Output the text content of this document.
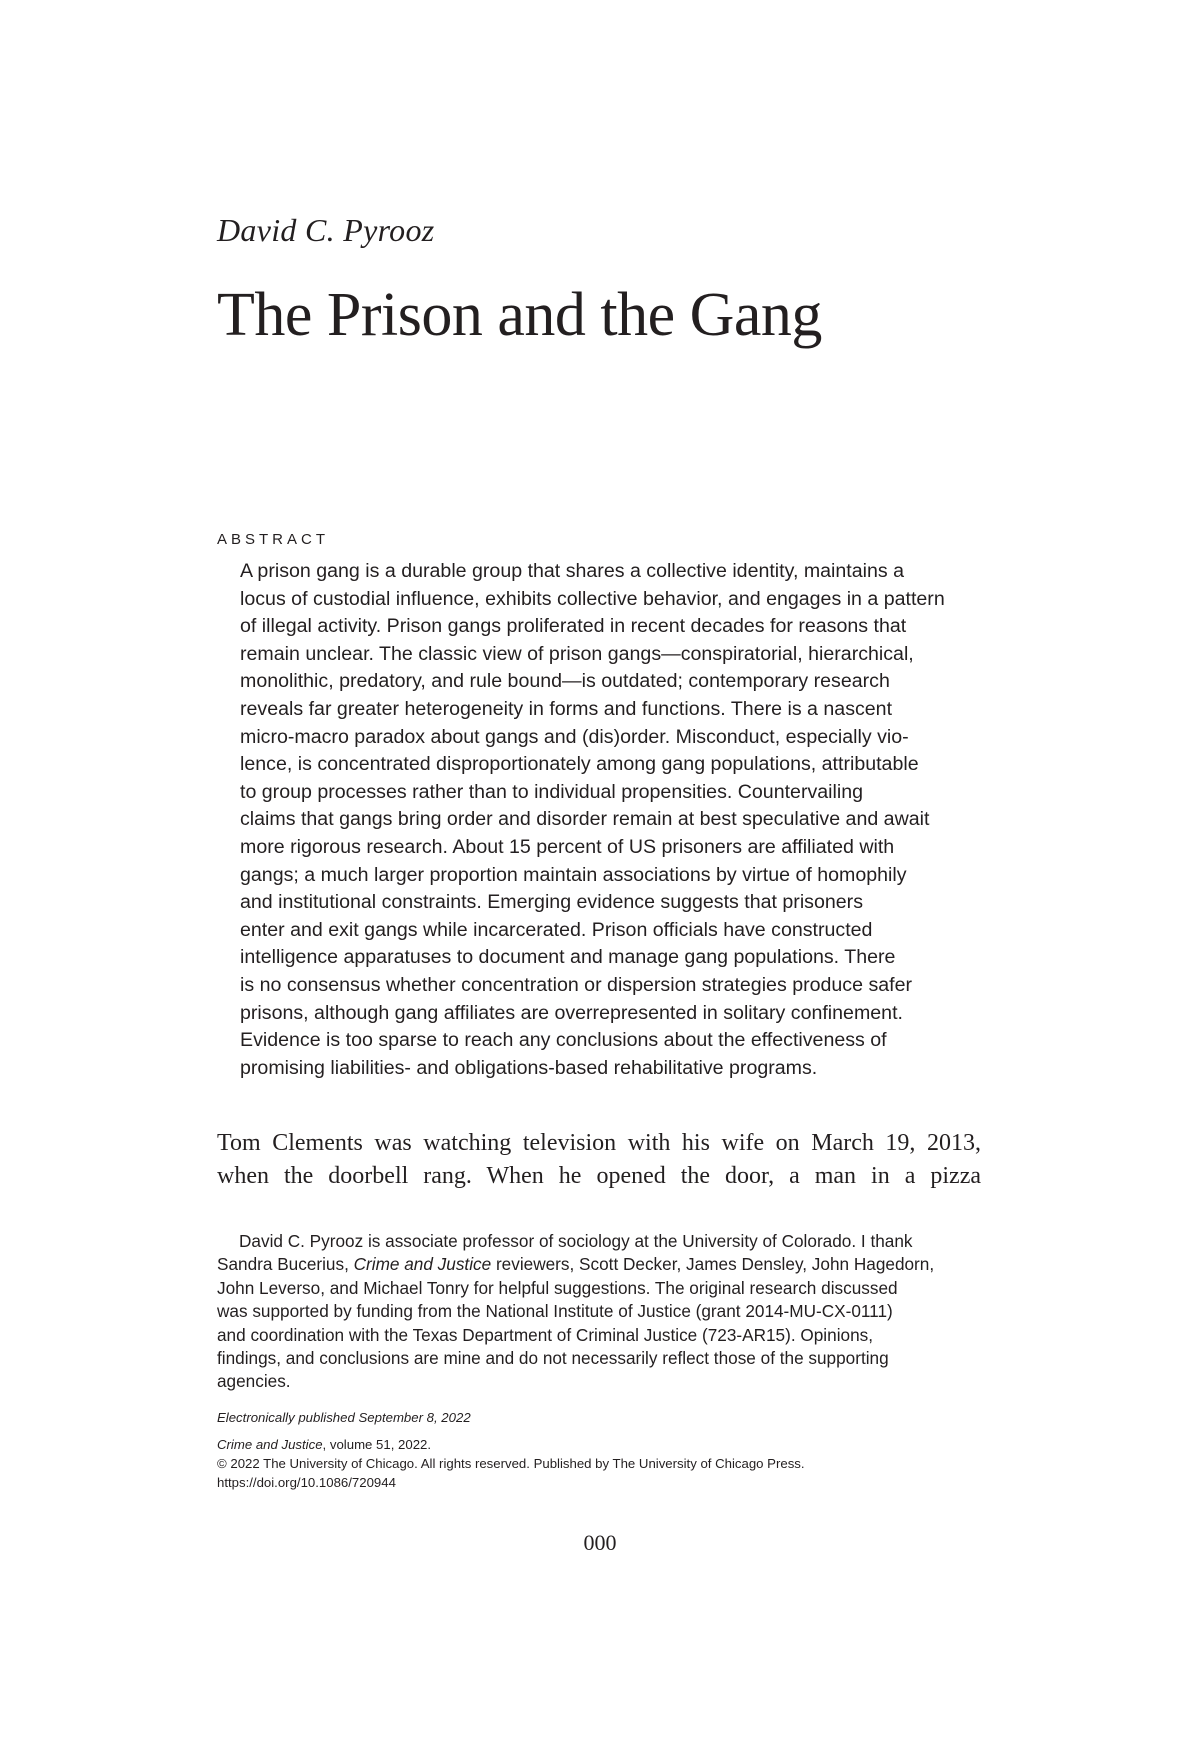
David C. Pyrooz
The Prison and the Gang
ABSTRACT

A prison gang is a durable group that shares a collective identity, maintains a
locus of custodial influence, exhibits collective behavior, and engages in a pattern
of illegal activity. Prison gangs proliferated in recent decades for reasons that
remain unclear. The classic view of prison gangs—conspiratorial, hierarchical,
monolithic, predatory, and rule bound—is outdated; contemporary research
reveals far greater heterogeneity in forms and functions. There is a nascent
micro-macro paradox about gangs and (dis)order. Misconduct, especially vio-
lence, is concentrated disproportionately among gang populations, attributable
to group processes rather than to individual propensities. Countervailing
claims that gangs bring order and disorder remain at best speculative and await
more rigorous research. About 15 percent of US prisoners are affiliated with
gangs; a much larger proportion maintain associations by virtue of homophily
and institutional constraints. Emerging evidence suggests that prisoners
enter and exit gangs while incarcerated. Prison officials have constructed
intelligence apparatuses to document and manage gang populations. There
is no consensus whether concentration or dispersion strategies produce safer
prisons, although gang affiliates are overrepresented in solitary confinement.
Evidence is too sparse to reach any conclusions about the effectiveness of
promising liabilities- and obligations-based rehabilitative programs.

Tom Clements was watching television with his wife on March 19, 2013,
when the doorbell rang. When he opened the door, a man in a pizza

David C. Pyrooz is associate professor of sociology at the University of Colorado. I thank
Sandra Bucerius, Crime and Justice reviewers, Scott Decker, James Densley, John Hagedorn,
John Leverso, and Michael Tonry for helpful suggestions. The original research discussed
was supported by funding from the National Institute of Justice (grant 2014-MU-CX-0111)
and coordination with the Texas Department of Criminal Justice (723-AR15). Opinions,
findings, and conclusions are mine and do not necessarily reflect those of the supporting
agencies.

Electronically published September 8, 2022
Crime and Justice, volume 51, 2022.
© 2022 The University of Chicago. All rights reserved. Published by The University of Chicago Press.
https://doi.org/10.1086/720944
000
